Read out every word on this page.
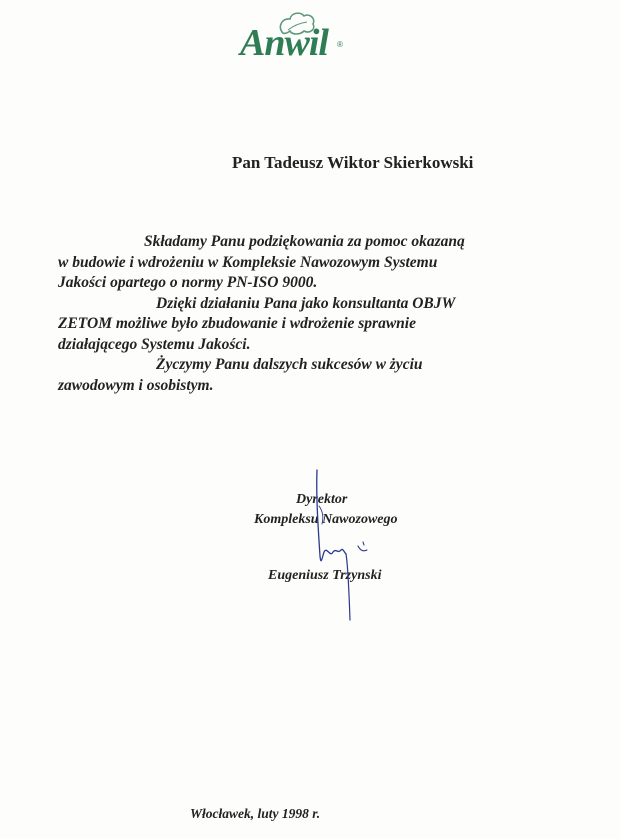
Anwil ®
Pan Tadeusz Wiktor Skierkowski
Składamy Panu podziękowania za pomoc okazaną
w budowie i wdrożeniu w Kompleksie Nawozowym Systemu
Jakości opartego o normy PN-ISO 9000.
Dzięki działaniu Pana jako konsultanta OBJW
ZETOM możliwe było zbudowanie i wdrożenie sprawnie
działającego Systemu Jakości.
Życzymy Panu dalszych sukcesów w życiu
zawodowym i osobistym.
Dyrektor
Kompleksu Nawozowego
Eugeniusz Trzynski
Włocławek, luty 1998 r.
